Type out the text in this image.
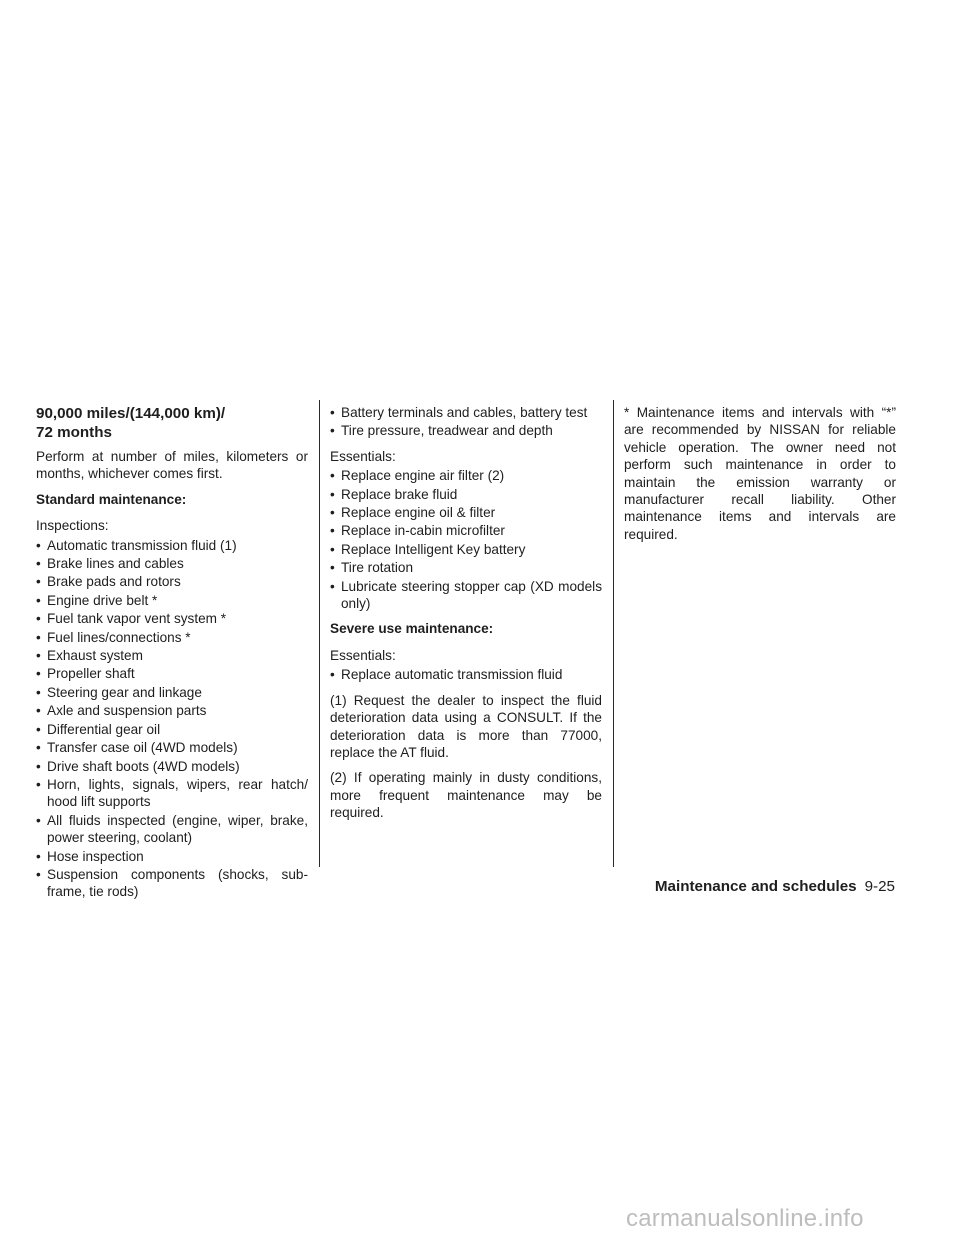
90,000 miles/(144,000 km)/
72 months

Perform at number of miles, kilometers or months, whichever comes first.

Standard maintenance:

Inspections:
• Automatic transmission fluid (1)
• Brake lines and cables
• Brake pads and rotors
• Engine drive belt *
• Fuel tank vapor vent system *
• Fuel lines/connections *
• Exhaust system
• Propeller shaft
• Steering gear and linkage
• Axle and suspension parts
• Differential gear oil
• Transfer case oil (4WD models)
• Drive shaft boots (4WD models)
• Horn, lights, signals, wipers, rear hatch/ hood lift supports
• All fluids inspected (engine, wiper, brake, power steering, coolant)
• Hose inspection
• Suspension components (shocks, sub-frame, tie rods)
• Battery terminals and cables, battery test
• Tire pressure, treadwear and depth
Essentials:
• Replace engine air filter (2)
• Replace brake fluid
• Replace engine oil & filter
• Replace in-cabin microfilter
• Replace Intelligent Key battery
• Tire rotation
• Lubricate steering stopper cap (XD models only)

Severe use maintenance:

Essentials:
• Replace automatic transmission fluid

(1) Request the dealer to inspect the fluid deterioration data using a CONSULT. If the deterioration data is more than 77000, replace the AT fluid.

(2) If operating mainly in dusty conditions, more frequent maintenance may be required.

* Maintenance items and intervals with “*” are recommended by NISSAN for reliable vehicle operation. The owner need not perform such maintenance in order to maintain the emission warranty or manufacturer recall liability. Other maintenance items and intervals are required.

Maintenance and schedules 9-25
carmanualsonline.info
